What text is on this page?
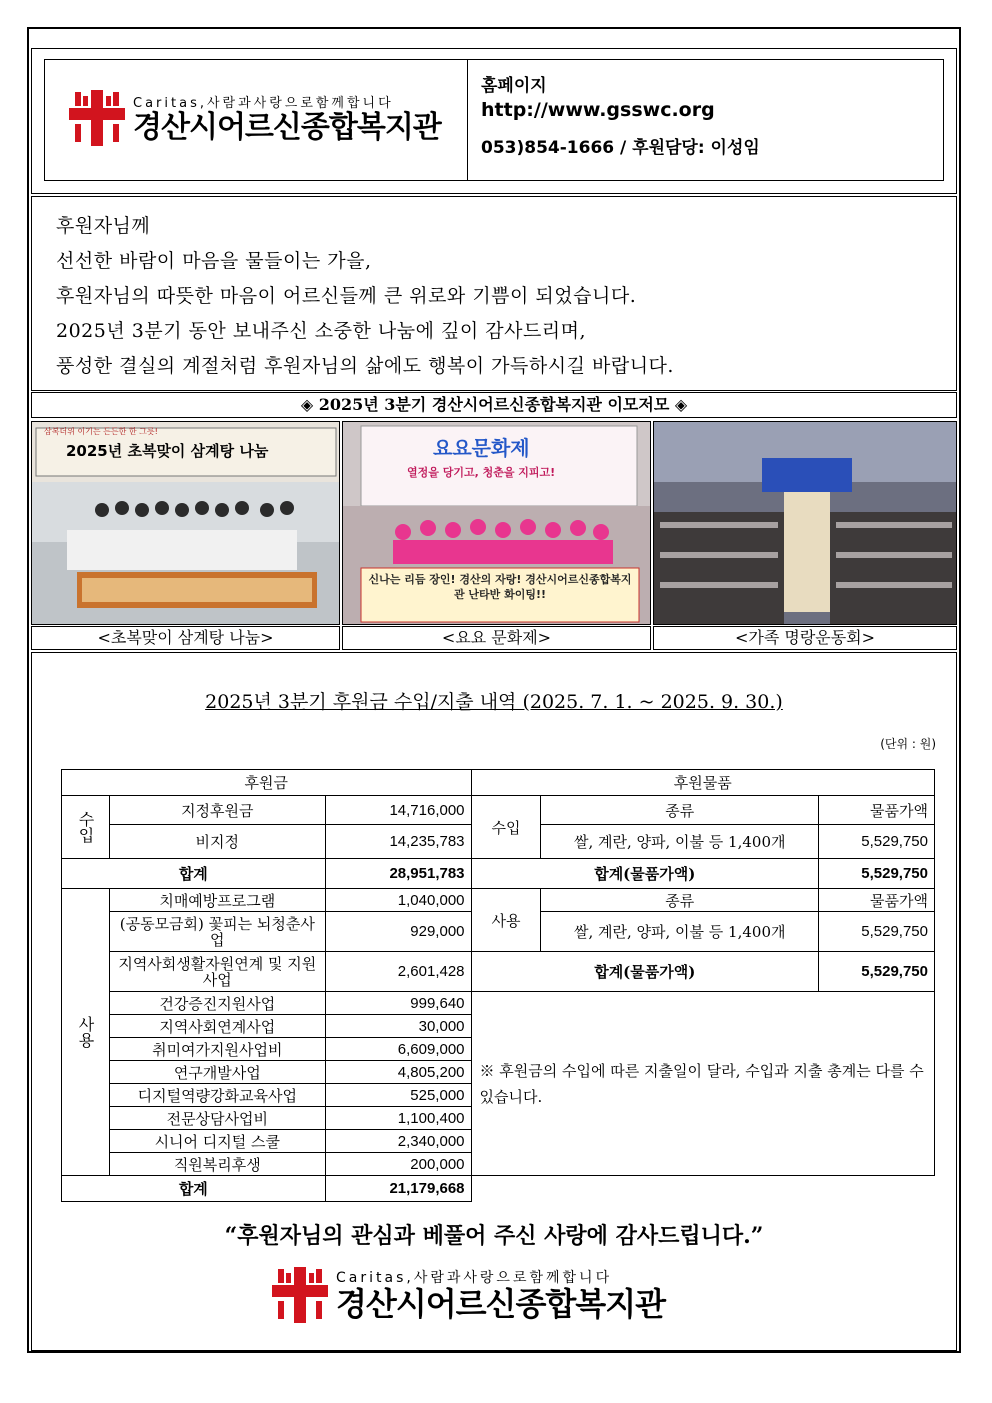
Caritas,사람과사랑으로함께합니다
경산시어르신종합복지관
홈페이지
http://www.gsswc.org
053)854-1666 / 후원담당: 이성임
후원자님께
선선한 바람이 마음을 물들이는 가을,
후원자님의 따뜻한 마음이 어르신들께 큰 위로와 기쁨이 되었습니다.
2025년 3분기 동안 보내주신 소중한 나눔에 깊이 감사드리며,
풍성한 결실의 계절처럼 후원자님의 삶에도 행복이 가득하시길 바랍니다.
◈ 2025년 3분기 경산시어르신종합복지관 이모저모 ◈
2025년 초복맞이 삼계탕 나눔
삼복더위 이기는 든든한 한 그릇!
요요문화제
열정을 당기고, 청춘을 지피고!
신나는 리듬 장인! 경산의 자랑! 경산시어르신종합복지관 난타반 화이팅!!
<초복맞이 삼계탕 나눔>	<요요 문화제>	<가족 명랑운동회>
2025년 3분기 후원금 수입/지출 내역 (2025. 7. 1. ~ 2025. 9. 30.)
(단위 : 원)
후원금			후원물품		
수입	지정후원금	14,716,000	수입	종류	물품가액
	비지정	14,235,783		쌀, 계란, 양파, 이불 등 1,400개	5,529,750
합계		28,951,783	합계(물품가액)		5,529,750
사용	치매예방프로그램	1,040,000	사용	종류	물품가액
	(공동모금회) 꽃피는 뇌청춘사업	929,000		쌀, 계란, 양파, 이불 등 1,400개	5,529,750
	지역사회생활자원연계 및 지원사업	2,601,428	합계(물품가액)		5,529,750
	건강증진지원사업	999,640	※ 후원금의 수입에 따른 지출일이 달라, 수입과 지출 총계는 다를 수 있습니다.		
	지역사회연계사업	30,000			
	취미여가지원사업비	6,609,000			
	연구개발사업	4,805,200			
	디지털역량강화교육사업	525,000			
	전문상담사업비	1,100,400			
	시니어 디지털 스쿨	2,340,000			
	직원복리후생	200,000			
합계		21,179,668			
“후원자님의 관심과 베풀어 주신 사랑에 감사드립니다.”
Caritas,사람과사랑으로함께합니다
경산시어르신종합복지관
